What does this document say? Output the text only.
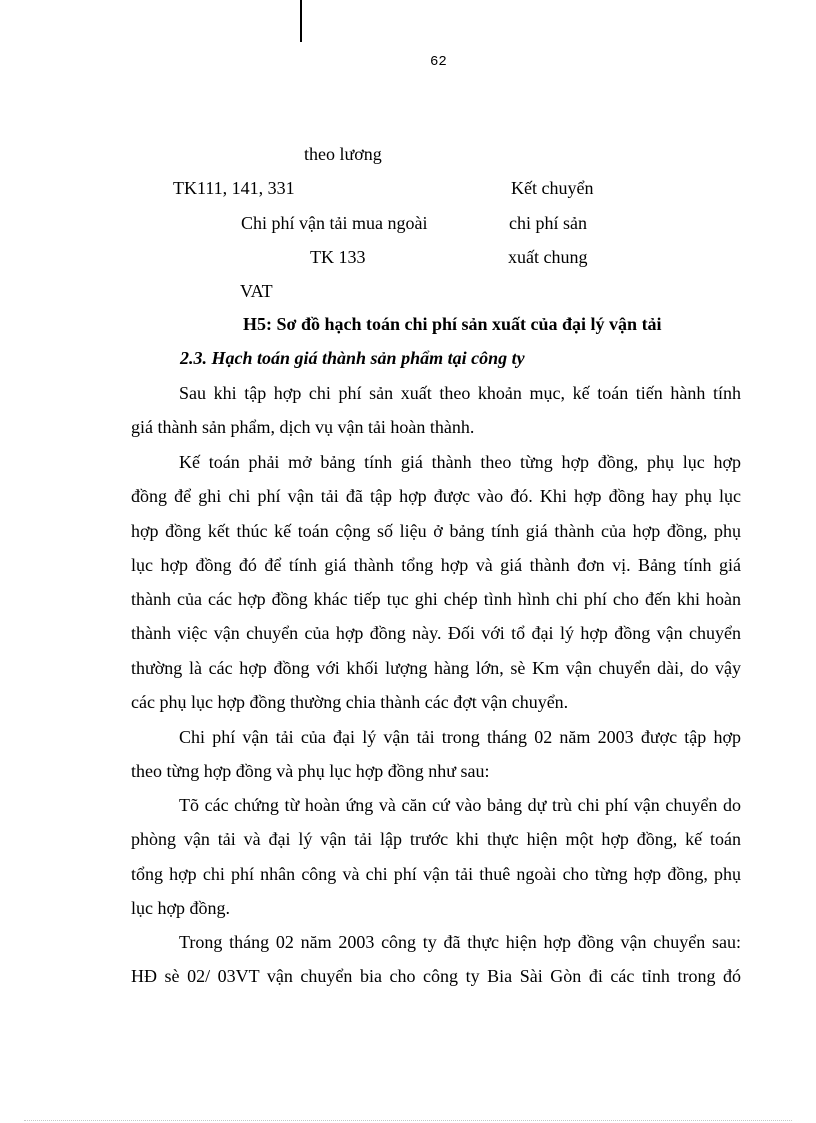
62
theo lương
TK111, 141, 331	Kết chuyển
Chi phí vận tải mua ngoài	chi phí sản
TK 133	xuất chung
VAT
H5: Sơ đồ hạch toán chi phí sản xuất của đại lý vận tải
2.3. Hạch toán giá thành sản phẩm tại công ty
Sau khi tập hợp chi phí sản xuất theo khoản mục, kế toán tiến hành tính
giá thành sản phẩm, dịch vụ vận tải hoàn thành.
Kế toán phải mở bảng tính giá thành theo từng hợp đồng, phụ lục hợp
đồng để ghi chi phí vận tải đã tập hợp được vào đó. Khi hợp đồng hay phụ lục
hợp đồng kết thúc kế toán cộng số liệu ở bảng tính giá thành của hợp đồng, phụ
lục hợp đồng đó để tính giá thành tổng hợp và giá thành đơn vị. Bảng tính giá
thành của các hợp đồng khác tiếp tục ghi chép tình hình chi phí cho đến khi hoàn
thành việc vận chuyển của hợp đồng này. Đối với tổ đại lý hợp đồng vận chuyển
thường là các hợp đồng với khối lượng hàng lớn, sè Km vận chuyển dài, do vậy
các phụ lục hợp đồng thường chia thành các đợt vận chuyển.
Chi phí vận tải của đại lý vận tải trong tháng 02 năm 2003 được tập hợp
theo từng hợp đồng và phụ lục hợp đồng như sau:
Tõ các chứng từ hoàn ứng và căn cứ vào bảng dự trù chi phí vận chuyển do
phòng vận tải và đại lý vận tải lập trước khi thực hiện một hợp đồng, kế toán
tổng hợp chi phí nhân công và chi phí vận tải thuê ngoài cho từng hợp đồng, phụ
lục hợp đồng.
Trong tháng 02 năm 2003 công ty đã thực hiện hợp đồng vận chuyển sau:
HĐ sè 02/ 03VT vận chuyển bia cho công ty Bia Sài Gòn đi các tỉnh trong đó
